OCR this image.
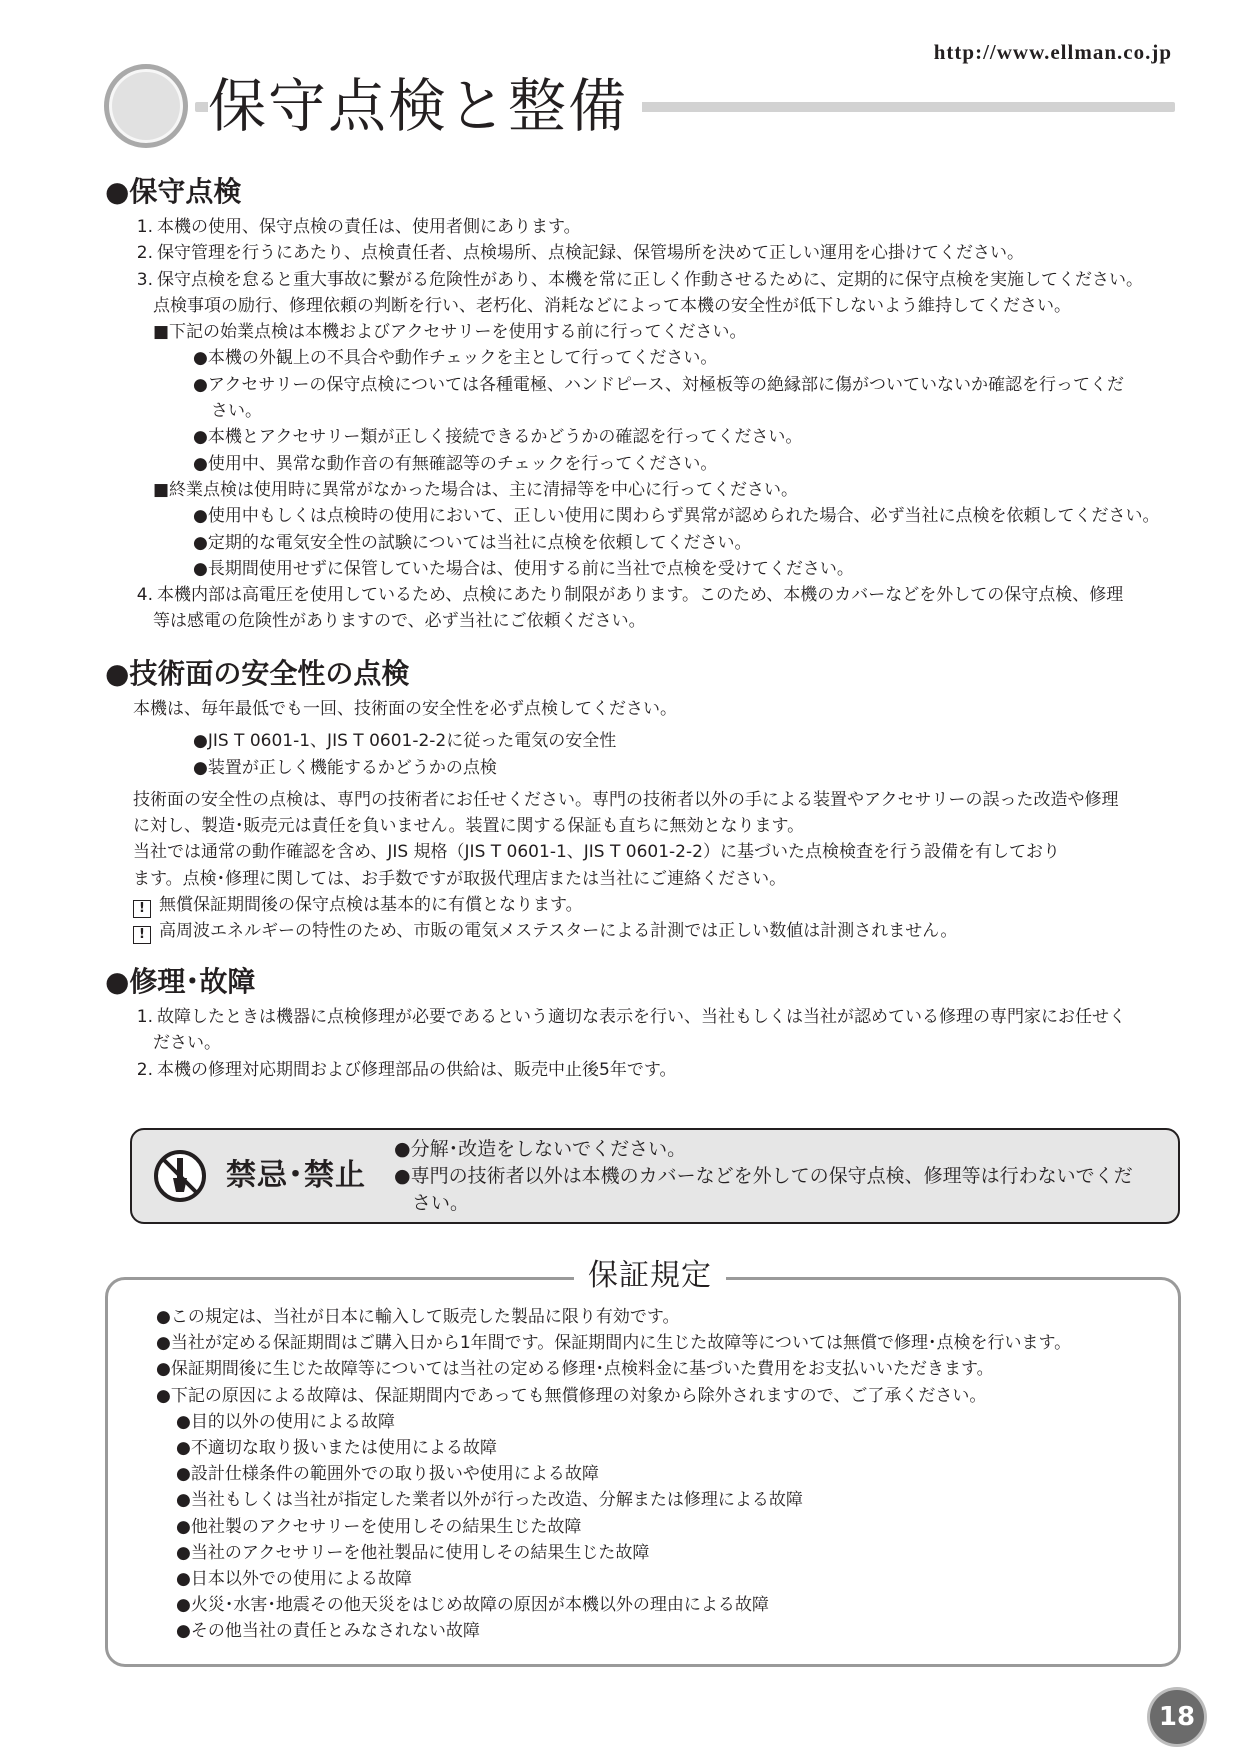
http://www.ellman.co.jp
保守点検と整備
●保守点検
1. 本機の使用、保守点検の責任は、使用者側にあります。
2. 保守管理を行うにあたり、点検責任者、点検場所、点検記録、保管場所を決めて正しい運用を心掛けてください。
3. 保守点検を怠ると重大事故に繋がる危険性があり、本機を常に正しく作動させるために、定期的に保守点検を実施してください。
点検事項の励行、修理依頼の判断を行い、老朽化、消耗などによって本機の安全性が低下しないよう維持してください。
■下記の始業点検は本機およびアクセサリーを使用する前に行ってください。
●本機の外観上の不具合や動作チェックを主として行ってください。
●アクセサリーの保守点検については各種電極、ハンドピース、対極板等の絶縁部に傷がついていないか確認を行ってくだ
さい。
●本機とアクセサリー類が正しく接続できるかどうかの確認を行ってください。
●使用中、異常な動作音の有無確認等のチェックを行ってください。
■終業点検は使用時に異常がなかった場合は、主に清掃等を中心に行ってください。
●使用中もしくは点検時の使用において、正しい使用に関わらず異常が認められた場合、必ず当社に点検を依頼してください。
●定期的な電気安全性の試験については当社に点検を依頼してください。
●長期間使用せずに保管していた場合は、使用する前に当社で点検を受けてください。
4. 本機内部は高電圧を使用しているため、点検にあたり制限があります。このため、本機のカバーなどを外しての保守点検、修理
等は感電の危険性がありますので、必ず当社にご依頼ください。
●技術面の安全性の点検
本機は、毎年最低でも一回、技術面の安全性を必ず点検してください。
●JIS T 0601-1、JIS T 0601-2-2に従った電気の安全性
●装置が正しく機能するかどうかの点検
技術面の安全性の点検は、専門の技術者にお任せください。専門の技術者以外の手による装置やアクセサリーの誤った改造や修理
に対し、製造･販売元は責任を負いません。装置に関する保証も直ちに無効となります。
当社では通常の動作確認を含め、JIS 規格（JIS T 0601-1、JIS T 0601-2-2）に基づいた点検検査を行う設備を有しており
ます。点検･修理に関しては、お手数ですが取扱代理店または当社にご連絡ください。
! 無償保証期間後の保守点検は基本的に有償となります。
! 高周波エネルギーの特性のため、市販の電気メステスターによる計測では正しい数値は計測されません。
●修理･故障
1. 故障したときは機器に点検修理が必要であるという適切な表示を行い、当社もしくは当社が認めている修理の専門家にお任せく
ださい。
2. 本機の修理対応期間および修理部品の供給は、販売中止後5年です。
禁忌･禁止
●分解･改造をしないでください。
●専門の技術者以外は本機のカバーなどを外しての保守点検、修理等は行わないでくだ
さい。
保証規定
●この規定は、当社が日本に輸入して販売した製品に限り有効です。
●当社が定める保証期間はご購入日から1年間です。保証期間内に生じた故障等については無償で修理･点検を行います。
●保証期間後に生じた故障等については当社の定める修理･点検料金に基づいた費用をお支払いいただきます。
●下記の原因による故障は、保証期間内であっても無償修理の対象から除外されますので、ご了承ください。
●目的以外の使用による故障
●不適切な取り扱いまたは使用による故障
●設計仕様条件の範囲外での取り扱いや使用による故障
●当社もしくは当社が指定した業者以外が行った改造、分解または修理による故障
●他社製のアクセサリーを使用しその結果生じた故障
●当社のアクセサリーを他社製品に使用しその結果生じた故障
●日本以外での使用による故障
●火災･水害･地震その他天災をはじめ故障の原因が本機以外の理由による故障
●その他当社の責任とみなされない故障
18
